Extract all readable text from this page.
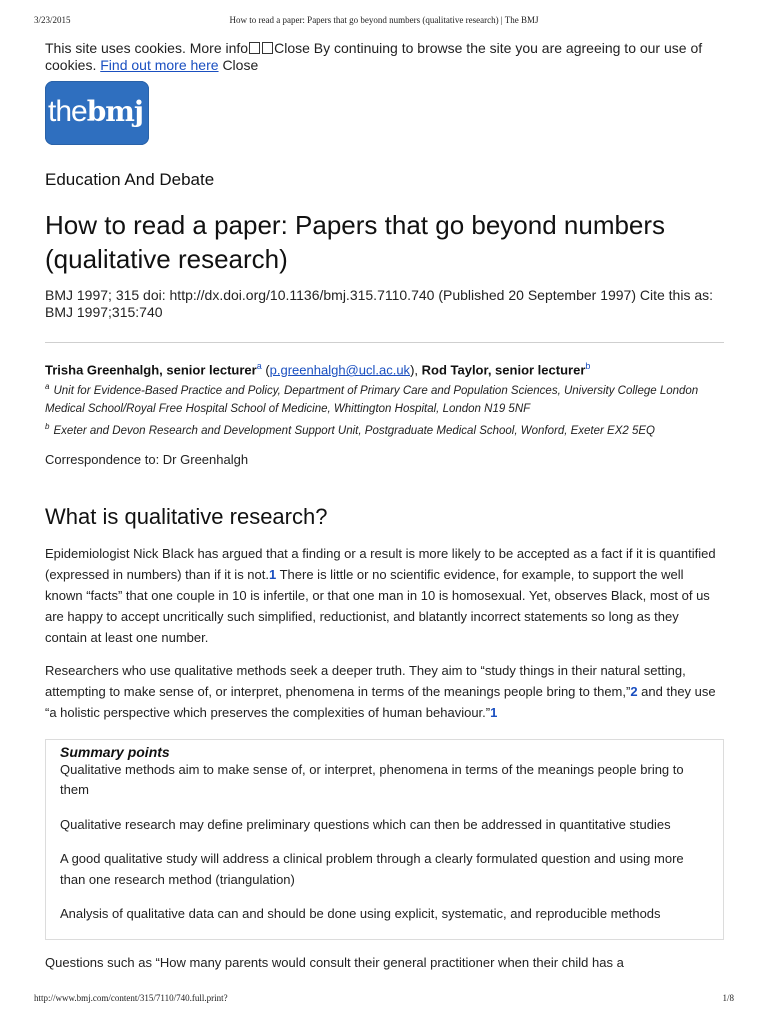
3/23/2015	How to read a paper: Papers that go beyond numbers (qualitative research) | The BMJ

This site uses cookies. More info Close By continuing to browse the site you are agreeing to our use of cookies. Find out more here Close

thebmj
Education And Debate
How to read a paper: Papers that go beyond numbers (qualitative research)

BMJ 1997; 315 doi: http://dx.doi.org/10.1136/bmj.315.7110.740 (Published 20 September 1997) Cite this as: BMJ 1997;315:740

Trisha Greenhalgh, senior lecturer$^a$ (p.greenhalgh@ucl.ac.uk), Rod Taylor, senior lecturer$^b$

$^a$ Unit for Evidence-Based Practice and Policy, Department of Primary Care and Population Sciences, University College London Medical School/Royal Free Hospital School of Medicine, Whittington Hospital, London N19 5NF

$^b$ Exeter and Devon Research and Development Support Unit, Postgraduate Medical School, Wonford, Exeter EX2 5EQ

Correspondence to: Dr Greenhalgh

What is qualitative research?

Epidemiologist Nick Black has argued that a finding or a result is more likely to be accepted as a fact if it is quantified (expressed in numbers) than if it is not.1 There is little or no scientific evidence, for example, to support the well known “facts” that one couple in 10 is infertile, or that one man in 10 is homosexual. Yet, observes Black, most of us are happy to accept uncritically such simplified, reductionist, and blatantly incorrect statements so long as they contain at least one number.

Researchers who use qualitative methods seek a deeper truth. They aim to “study things in their natural setting, attempting to make sense of, or interpret, phenomena in terms of the meanings people bring to them,”2 and they use “a holistic perspective which preserves the complexities of human behaviour.”1

Summary points

Qualitative methods aim to make sense of, or interpret, phenomena in terms of the meanings people bring to them

Qualitative research may define preliminary questions which can then be addressed in quantitative studies

A good qualitative study will address a clinical problem through a clearly formulated question and using more than one research method (triangulation)

Analysis of qualitative data can and should be done using explicit, systematic, and reproducible methods

Questions such as “How many parents would consult their general practitioner when their child has a

http://www.bmj.com/content/315/7110/740.full.print?	1/8
